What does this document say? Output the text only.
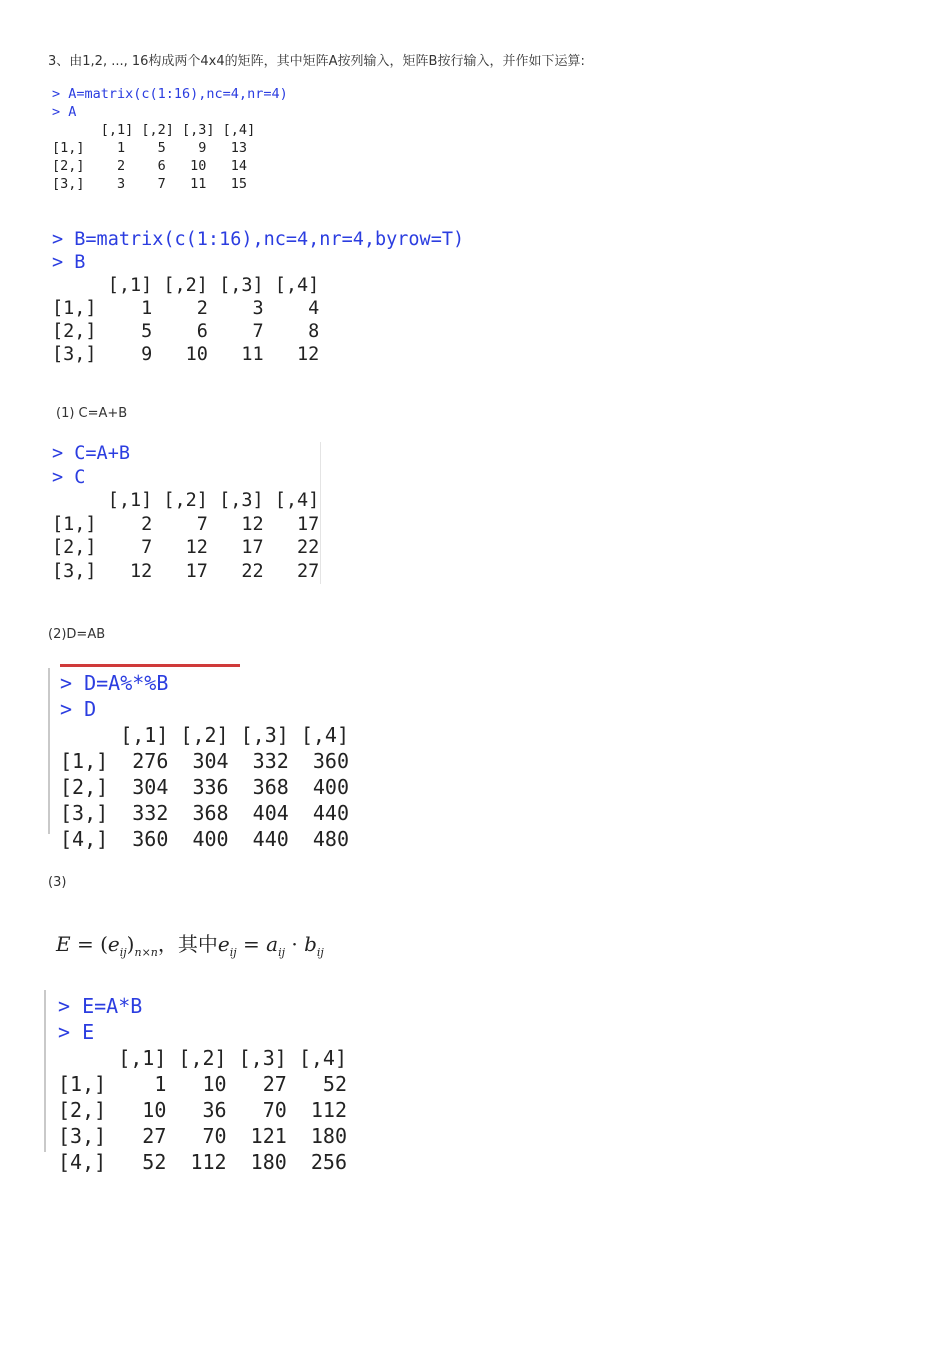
3、由1,2, ..., 16构成两个4x4的矩阵，其中矩阵A按列输入，矩阵B按行输入，并作如下运算:
> A=matrix(c(1:16),nc=4,nr=4)
> A
[,1] [,2] [,3] [,4]
[1,]    1    5    9   13
[2,]    2    6   10   14
[3,]    3    7   11   15
> B=matrix(c(1:16),nc=4,nr=4,byrow=T)
> B
[,1] [,2] [,3] [,4]
[1,]    1    2    3    4
[2,]    5    6    7    8
[3,]    9   10   11   12
(1) C=A+B
> C=A+B
> C
[,1] [,2] [,3] [,4]
[1,]    2    7   12   17
[2,]    7   12   17   22
[3,]   12   17   22   27
(2)D=AB
> D=A%*%B
> D
[,1] [,2] [,3] [,4]
[1,]  276  304  332  360
[2,]  304  336  368  400
[3,]  332  368  404  440
[4,]  360  400  440  480
(3)
$E = (e_{ij})_{n\times n}$，其中$e_{ij} = a_{ij} \cdot b_{ij}$
> E=A*B
> E
[,1] [,2] [,3] [,4]
[1,]    1   10   27   52
[2,]   10   36   70  112
[3,]   27   70  121  180
[4,]   52  112  180  256
